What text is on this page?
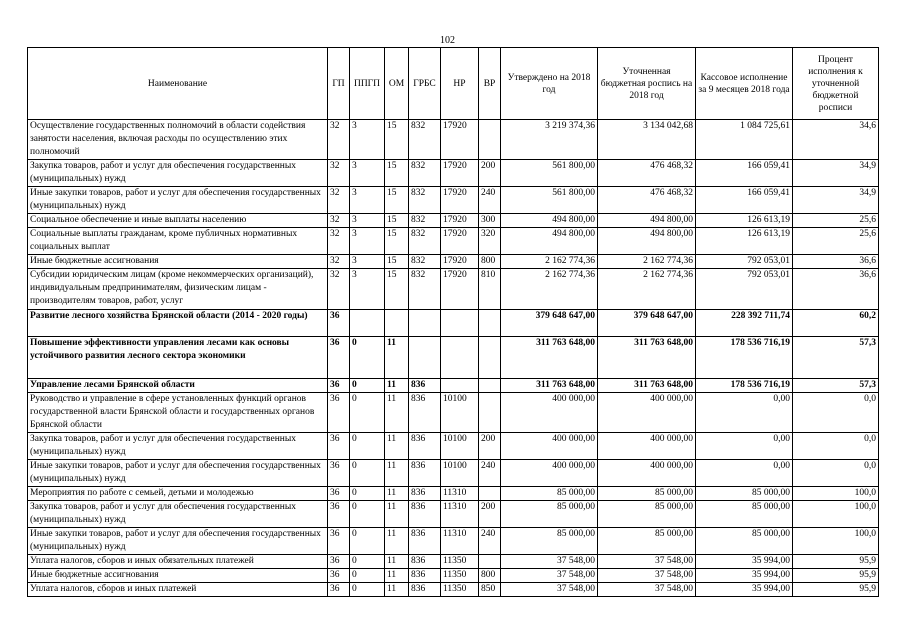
102
Наименование	ГП	ППГП	ОМ	ГРБС	НР	ВР	Утверждено на 2018 год	Уточненная бюджетная роспись на 2018 год	Кассовое исполнение за 9 месяцев 2018 года	Процент исполнения к уточненной бюджетной росписи
Осуществление государственных полномочий в области содействия занятости населения, включая расходы по осуществлению этих полномочий	32	3	15	832	17920		3 219 374,36	3 134 042,68	1 084 725,61	34,6
Закупка товаров, работ и услуг для обеспечения государственных (муниципальных) нужд	32	3	15	832	17920	200	561 800,00	476 468,32	166 059,41	34,9
Иные закупки товаров, работ и услуг для обеспечения государственных (муниципальных) нужд	32	3	15	832	17920	240	561 800,00	476 468,32	166 059,41	34,9
Социальное обеспечение и иные выплаты населению	32	3	15	832	17920	300	494 800,00	494 800,00	126 613,19	25,6
Социальные выплаты гражданам, кроме публичных нормативных социальных выплат	32	3	15	832	17920	320	494 800,00	494 800,00	126 613,19	25,6
Иные бюджетные ассигнования	32	3	15	832	17920	800	2 162 774,36	2 162 774,36	792 053,01	36,6
Субсидии юридическим лицам (кроме некоммерческих организаций), индивидуальным предпринимателям, физическим лицам - производителям товаров, работ, услуг	32	3	15	832	17920	810	2 162 774,36	2 162 774,36	792 053,01	36,6
Развитие лесного хозяйства Брянской области (2014 - 2020 годы)	36						379 648 647,00	379 648 647,00	228 392 711,74	60,2
Повышение эффективности управления лесами как основы устойчивого развития лесного сектора экономики	36	0	11				311 763 648,00	311 763 648,00	178 536 716,19	57,3
Управление лесами Брянской области	36	0	11	836			311 763 648,00	311 763 648,00	178 536 716,19	57,3
Руководство и управление в сфере установленных функций органов государственной власти Брянской области и государственных органов Брянской области	36	0	11	836	10100		400 000,00	400 000,00	0,00	0,0
Закупка товаров, работ и услуг для обеспечения государственных (муниципальных) нужд	36	0	11	836	10100	200	400 000,00	400 000,00	0,00	0,0
Иные закупки товаров, работ и услуг для обеспечения государственных (муниципальных) нужд	36	0	11	836	10100	240	400 000,00	400 000,00	0,00	0,0
Мероприятия по работе с семьей, детьми и молодежью	36	0	11	836	11310		85 000,00	85 000,00	85 000,00	100,0
Закупка товаров, работ и услуг для обеспечения государственных (муниципальных) нужд	36	0	11	836	11310	200	85 000,00	85 000,00	85 000,00	100,0
Иные закупки товаров, работ и услуг для обеспечения государственных (муниципальных) нужд	36	0	11	836	11310	240	85 000,00	85 000,00	85 000,00	100,0
Уплата налогов, сборов и иных обязательных платежей	36	0	11	836	11350		37 548,00	37 548,00	35 994,00	95,9
Иные бюджетные ассигнования	36	0	11	836	11350	800	37 548,00	37 548,00	35 994,00	95,9
Уплата налогов, сборов и иных платежей	36	0	11	836	11350	850	37 548,00	37 548,00	35 994,00	95,9
